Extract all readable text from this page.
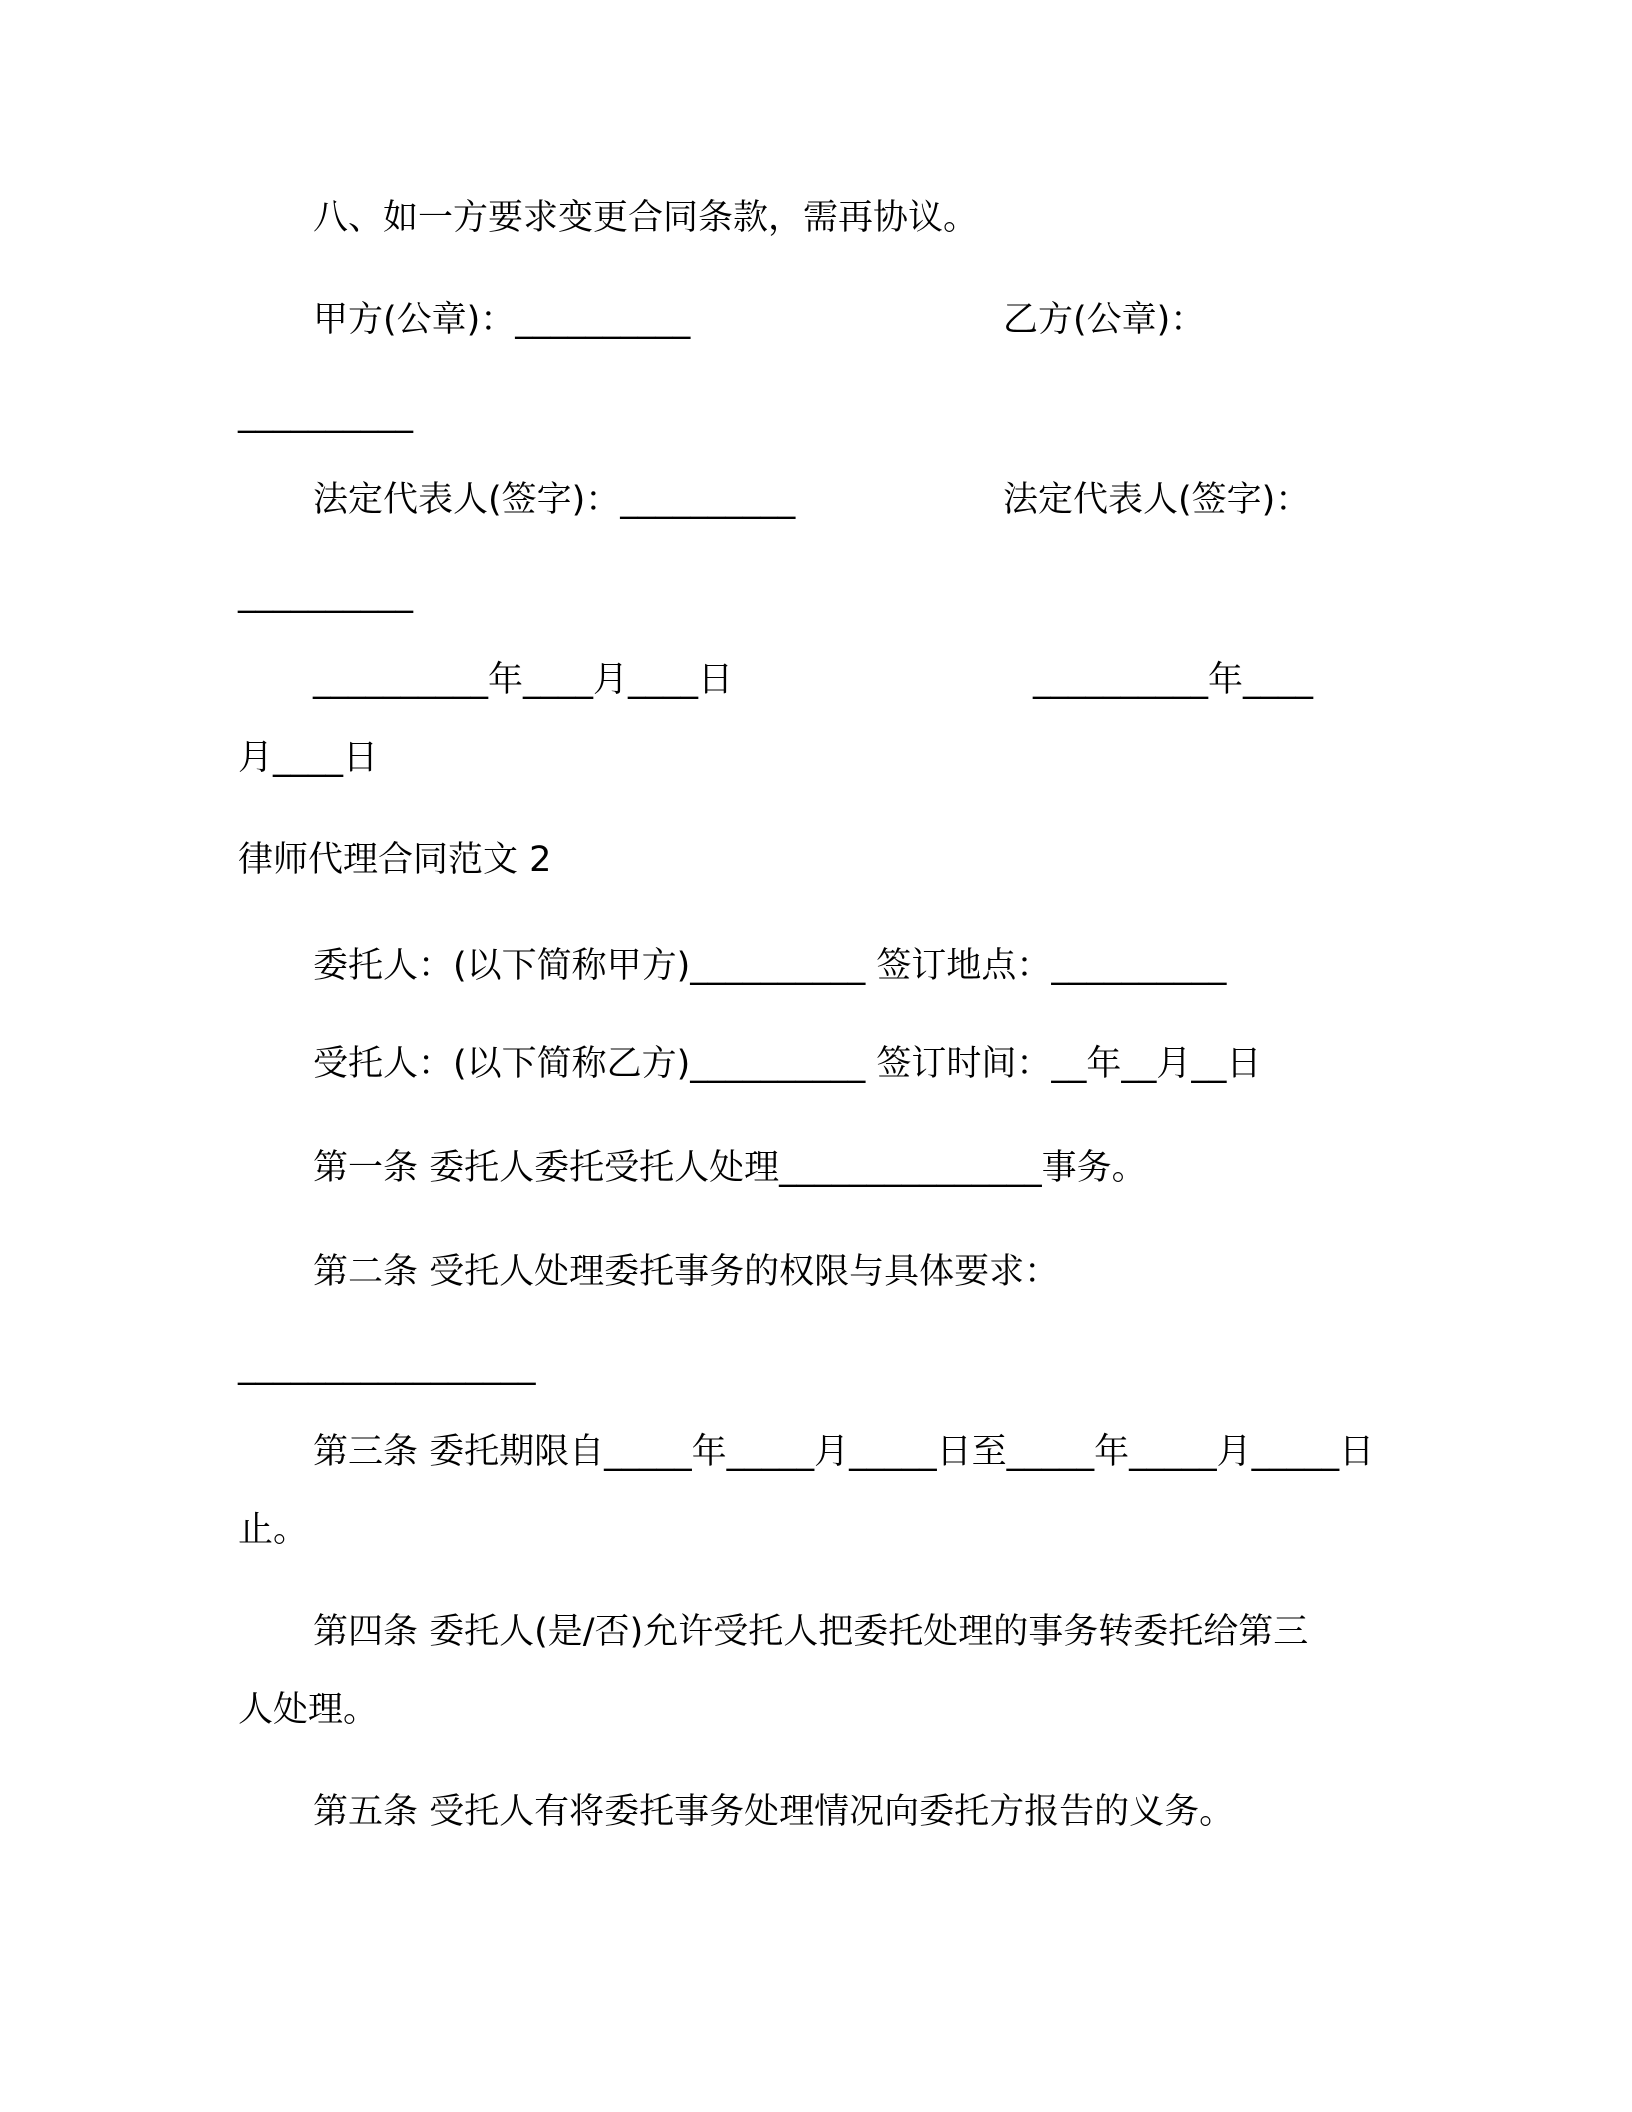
八、如一方要求变更合同条款，需再协议。
甲方(公章)：__________	乙方(公章)：
__________
法定代表人(签字)：__________	法定代表人(签字)：
__________
__________年____月____日	__________年____
月____日
律师代理合同范文 2
委托人：(以下简称甲方)__________ 签订地点：__________
受托人：(以下简称乙方)__________ 签订时间：__年__月__日
第一条 委托人委托受托人处理_______________事务。
第二条 受托人处理委托事务的权限与具体要求：
_________________
第三条 委托期限自_____年_____月_____日至_____年_____月_____日
止。
第四条 委托人(是/否)允许受托人把委托处理的事务转委托给第三
人处理。
第五条 受托人有将委托事务处理情况向委托方报告的义务。
